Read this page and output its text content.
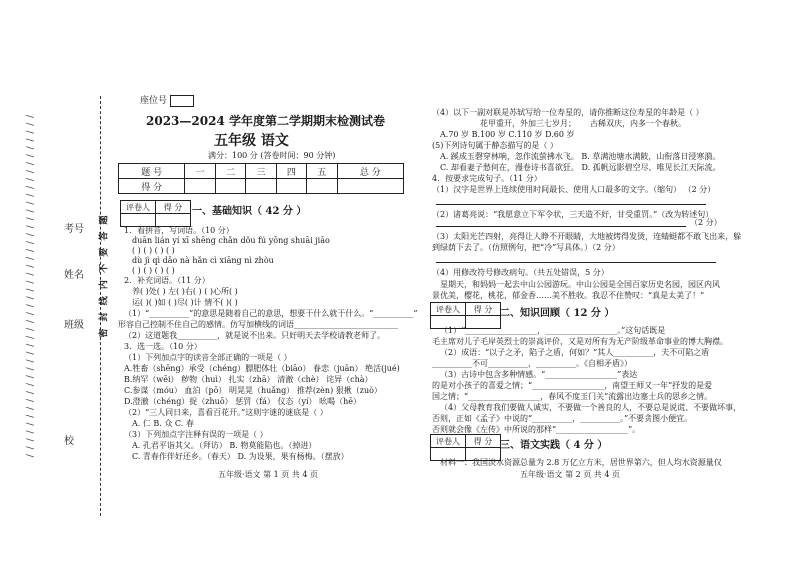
/ / / / / / / / / / / / / / / / / / / / / / / / / / / / / / / / / / / / / / / / / / / /	密 封 线 内 不 要 答 题
校
班级
姓名
考号
座位号
2023—2024 学年度第二学期期末检测试卷
五年级 语文
满分：100 分 (答卷时间：90 分钟)
题 号	一	二	三	四	五	总 分
得 分						
评卷人	得 分
	一、基础知识（ 42 分 ）
1．看拼音，写词语。（10 分）
duān lián yí xī shēng chǎn dǒu fú yōng shuāi jiāo
( ) ( ) ( ) ( )
dù jì qì dǎo nà hǎn cì xiāng nì zhòu
( ) ( ) ( ) ( )
2．补充词语。（11 分）
养( )处( ) 左( )右( ) ( )心所( )
运( )( )如 ( )尽( )计 情不( )( )
（1）“__________”的意思是随着自己的意思，想要干什么就干什么。“__________”
形容自己控制不住自己的感情。仿写加横线的词语__________________________
（2）这道题我__________，就是说不出来。只好明天去学校请教老师了。
3．选一选。（10 分）
（1）下列加点字的读音全部正确的一项是（ ）
A.牲畜（shēng）承受（chéng）膘肥体壮（biāo） 眷恋（juān） 绝活(jué)
B.纳罕（wēi） 秽物（huì） 扎实（zhā） 清澈（chè） 诧异（chà）
C.参谋（móu） 血泊（pō） 明晃晃（huǎng） 推荐(zèn) 狠揪（zuò）
D.澄澈（chéng）捉（zhuō） 惩罚（fá） 仪态（yí） 吆喝（hē）
（2）“三人同日来，喜看百花开。”这则字谜的谜底是（ ）
A. 仁 B. 众 C. 春
（3）下列加点字注释有误的一项是（ ）
A. 孔君平诣其父。（拜访） B. 物莫能陷也。（掉进）
C. 青春作伴好还乡。（春天） D. 为设果，果有杨梅。（摆放）
五年级·语文 第 1 页 共 4 页
（4）以下一副对联是苏轼写给一位寿星的，请你推断这位寿星的年龄是（ ）
花甲重开，外加三七岁月； 古稀双庆，内多一个春秋。
A.70 岁 B.100 岁 C.110 岁 D.60 岁
(5)下列诗句属于静态描写的是（ ）
A. 蹊成玉磬穿林响，忽作流萤拂水飞。 B. 草满池塘水满陂，山衔落日浸寒漪。
C. 却看妻子愁何在，漫卷诗书喜欲狂。 D. 孤帆远影碧空尽，唯见长江天际流。
4．按要求完成句子。（11 分）
（1）汉字是世界上连续使用时间最长、使用人口最多的文字。（缩句） （2 分）
（2）诸葛亮说：“我愿意立下军令状，三天造不好，甘受重罚。”（改为转述句）
（2 分）
（3）太阳光芒四射，亮得让人睁不开眼睛，大地被烤得发烫，连蜻蜓都不敢飞出来，躲
到绿荫下去了。（仿照例句，把“冷”写具体。）（2 分）
（4）用修改符号修改病句。（共五处错误，5 分）
星期天，和妈妈一起去中山公园游玩。中山公园是全国百家历史名园，园区内风
景优美，樱花，桃花，郁金香……美不胜收。我忍不住赞叹：“真是太美了！”
评卷人	得 分
	二、知识回顾（ 12 分 ）
（1）“__________________，__________________。”这句话既是
毛主席对儿子毛岸英烈士的崇高评价，又是对所有为无产阶级革命事业的博大胸襟。
（2）成语：“以子之矛，陷子之盾，何如？”其人__________，夫不可陷之盾
__________不可__________，__________。《自相矛盾》）
（3）古诗中包含多种情感。“__________________”表达
的是对小孩子的喜爱之情；“__________________，南望王师又一年”抒发的是爱
国之情；“__________________，春风不度玉门关”流露出边塞士兵的思乡之情。
（4）父母教育我们要做人诚实，不要做一个善良的人，不要总是说谎、不要做坏事，
否则，正如《孟子》中说的“__________，__________。”不要贪图小便宜。
否则就会像《左传》中所说的那样“__________________”。
评卷人	得 分
	三、语文实践（ 4 分 ）
材料一：我国淡水资源总量为 2.8 万亿立方米，居世界第六，但人均水资源量仅
五年级·语文 第 2 页 共 4 页
